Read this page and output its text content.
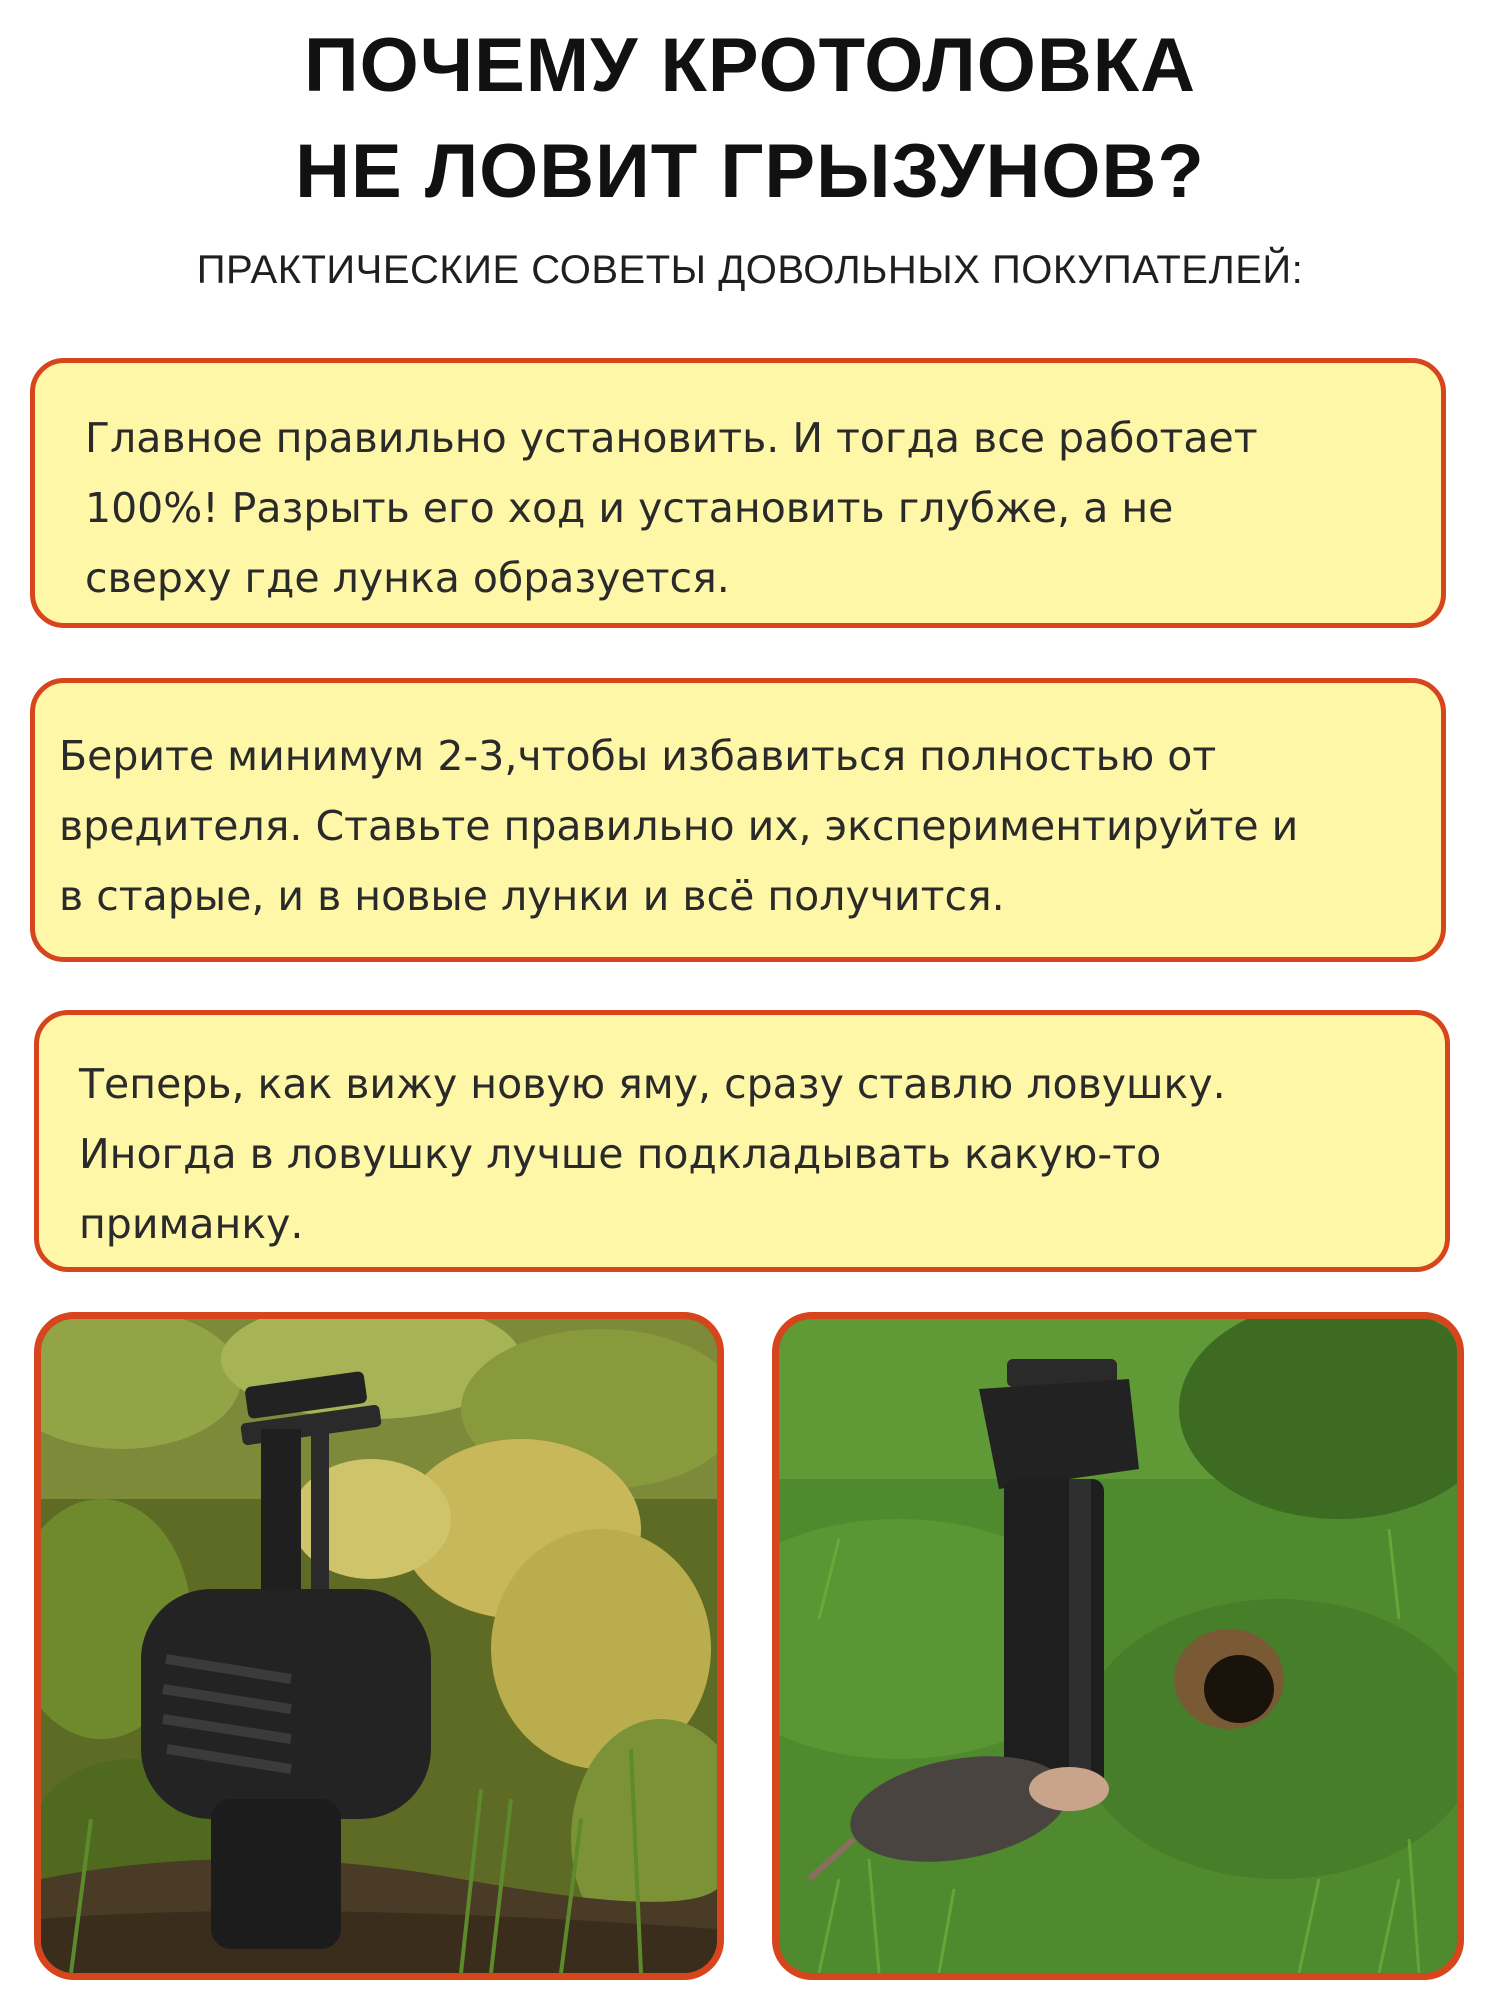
ПОЧЕМУ КРОТОЛОВКА
НЕ ЛОВИТ ГРЫЗУНОВ?
ПРАКТИЧЕСКИЕ СОВЕТЫ ДОВОЛЬНЫХ ПОКУПАТЕЛЕЙ:
Главное правильно установить. И тогда все работает
100%! Разрыть его ход и установить глубже, а не
сверху где лунка образуется.
Берите минимум 2-3,чтобы избавиться полностью от
вредителя. Ставьте правильно их, экспериментируйте и
в старые, и в новые лунки и всё получится.
Теперь, как вижу новую яму, сразу ставлю ловушку.
Иногда в ловушку лучше подкладывать какую-то
приманку.
